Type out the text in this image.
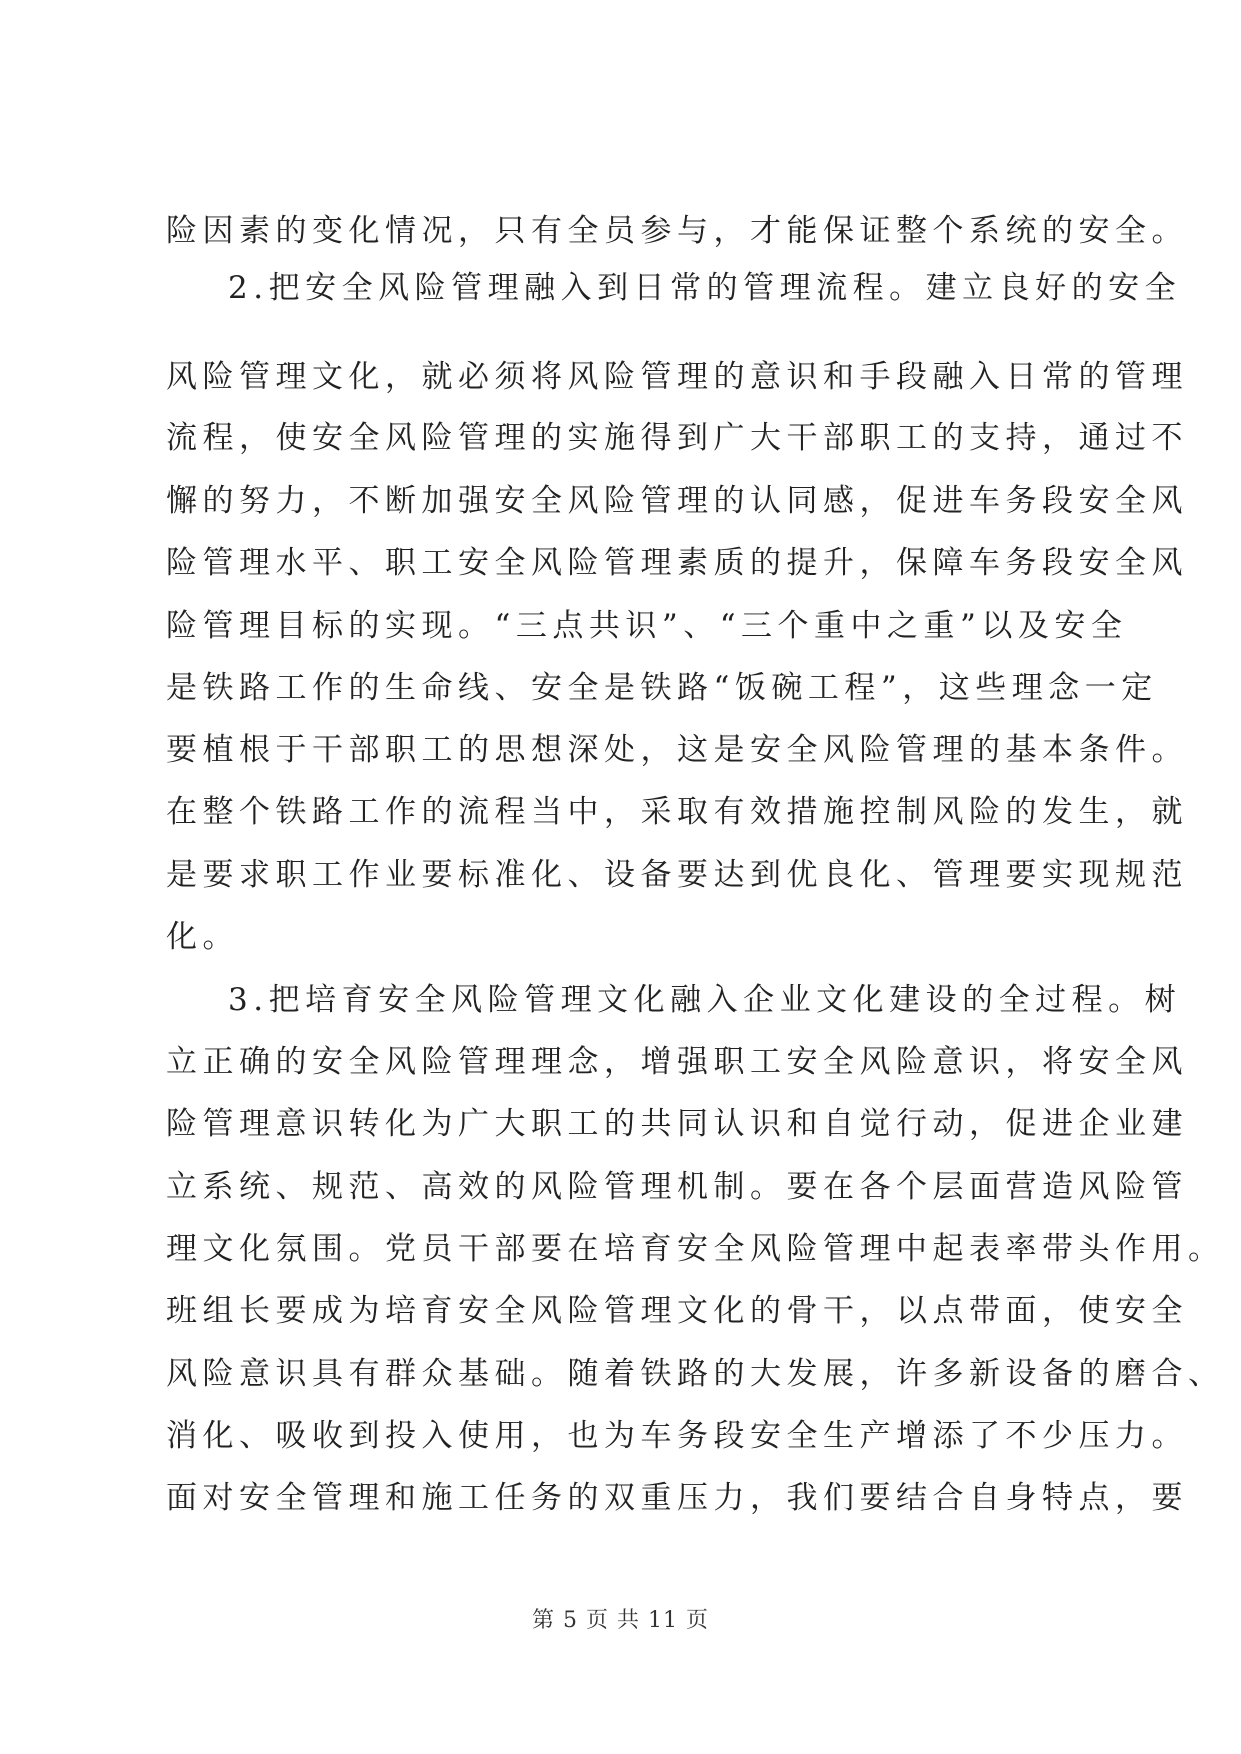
险因素的变化情况，只有全员参与，才能保证整个系统的安全。
2.把安全风险管理融入到日常的管理流程。建立良好的安全
风险管理文化，就必须将风险管理的意识和手段融入日常的管理
流程，使安全风险管理的实施得到广大干部职工的支持，通过不
懈的努力，不断加强安全风险管理的认同感，促进车务段安全风
险管理水平、职工安全风险管理素质的提升，保障车务段安全风
险管理目标的实现。“三点共识”、“三个重中之重”以及安全
是铁路工作的生命线、安全是铁路“饭碗工程”，这些理念一定
要植根于干部职工的思想深处，这是安全风险管理的基本条件。
在整个铁路工作的流程当中，采取有效措施控制风险的发生，就
是要求职工作业要标准化、设备要达到优良化、管理要实现规范
化。
3.把培育安全风险管理文化融入企业文化建设的全过程。树
立正确的安全风险管理理念，增强职工安全风险意识，将安全风
险管理意识转化为广大职工的共同认识和自觉行动，促进企业建
立系统、规范、高效的风险管理机制。要在各个层面营造风险管
理文化氛围。党员干部要在培育安全风险管理中起表率带头作用。
班组长要成为培育安全风险管理文化的骨干，以点带面，使安全
风险意识具有群众基础。随着铁路的大发展，许多新设备的磨合、
消化、吸收到投入使用，也为车务段安全生产增添了不少压力。
面对安全管理和施工任务的双重压力，我们要结合自身特点，要
第 5 页 共 11 页
